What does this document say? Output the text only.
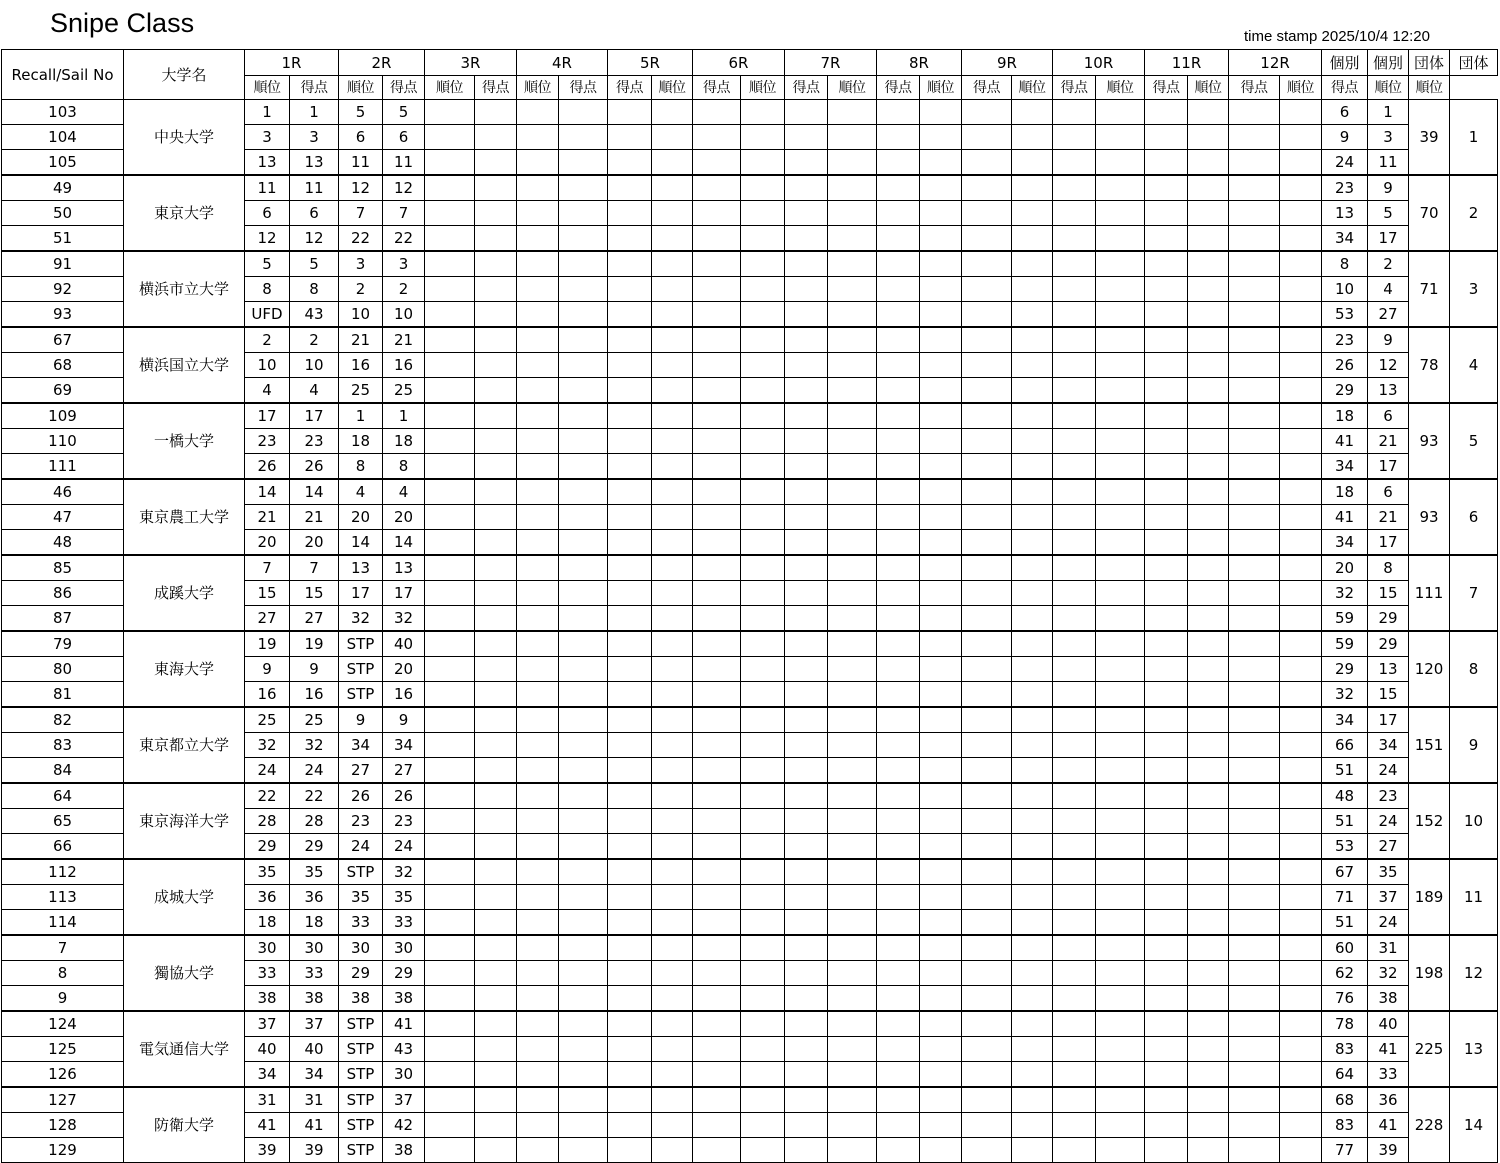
Snipe Class	time stamp 2025/10/4 12:20
Recall/Sail No	大学名	1R		2R		3R		4R		5R		6R		7R		8R		9R		10R		11R		12R		個別	個別	団体	団体
		順位	得点	順位	得点	順位	得点	順位	得点	得点	順位	得点	順位	得点	順位	得点	順位	得点	順位	得点	順位	得点	順位	得点	順位	得点	順位	順位	
103	中央大学	1	1	5	5																					6	1	39	1
104		3	3	6	6																					9	3		
105		13	13	11	11																					24	11		
49	東京大学	11	11	12	12																					23	9	70	2
50		6	6	7	7																					13	5		
51		12	12	22	22																					34	17		
91	横浜市立大学	5	5	3	3																					8	2	71	3
92		8	8	2	2																					10	4		
93		UFD	43	10	10																					53	27		
67	横浜国立大学	2	2	21	21																					23	9	78	4
68		10	10	16	16																					26	12		
69		4	4	25	25																					29	13		
109	一橋大学	17	17	1	1																					18	6	93	5
110		23	23	18	18																					41	21		
111		26	26	8	8																					34	17		
46	東京農工大学	14	14	4	4																					18	6	93	6
47		21	21	20	20																					41	21		
48		20	20	14	14																					34	17		
85	成蹊大学	7	7	13	13																					20	8	111	7
86		15	15	17	17																					32	15		
87		27	27	32	32																					59	29		
79	東海大学	19	19	STP	40																					59	29	120	8
80		9	9	STP	20																					29	13		
81		16	16	STP	16																					32	15		
82	東京都立大学	25	25	9	9																					34	17	151	9
83		32	32	34	34																					66	34		
84		24	24	27	27																					51	24		
64	東京海洋大学	22	22	26	26																					48	23	152	10
65		28	28	23	23																					51	24		
66		29	29	24	24																					53	27		
112	成城大学	35	35	STP	32																					67	35	189	11
113		36	36	35	35																					71	37		
114		18	18	33	33																					51	24		
7	獨協大学	30	30	30	30																					60	31	198	12
8		33	33	29	29																					62	32		
9		38	38	38	38																					76	38		
124	電気通信大学	37	37	STP	41																					78	40	225	13
125		40	40	STP	43																					83	41		
126		34	34	STP	30																					64	33		
127	防衛大学	31	31	STP	37																					68	36	228	14
128		41	41	STP	42																					83	41		
129		39	39	STP	38																					77	39		
